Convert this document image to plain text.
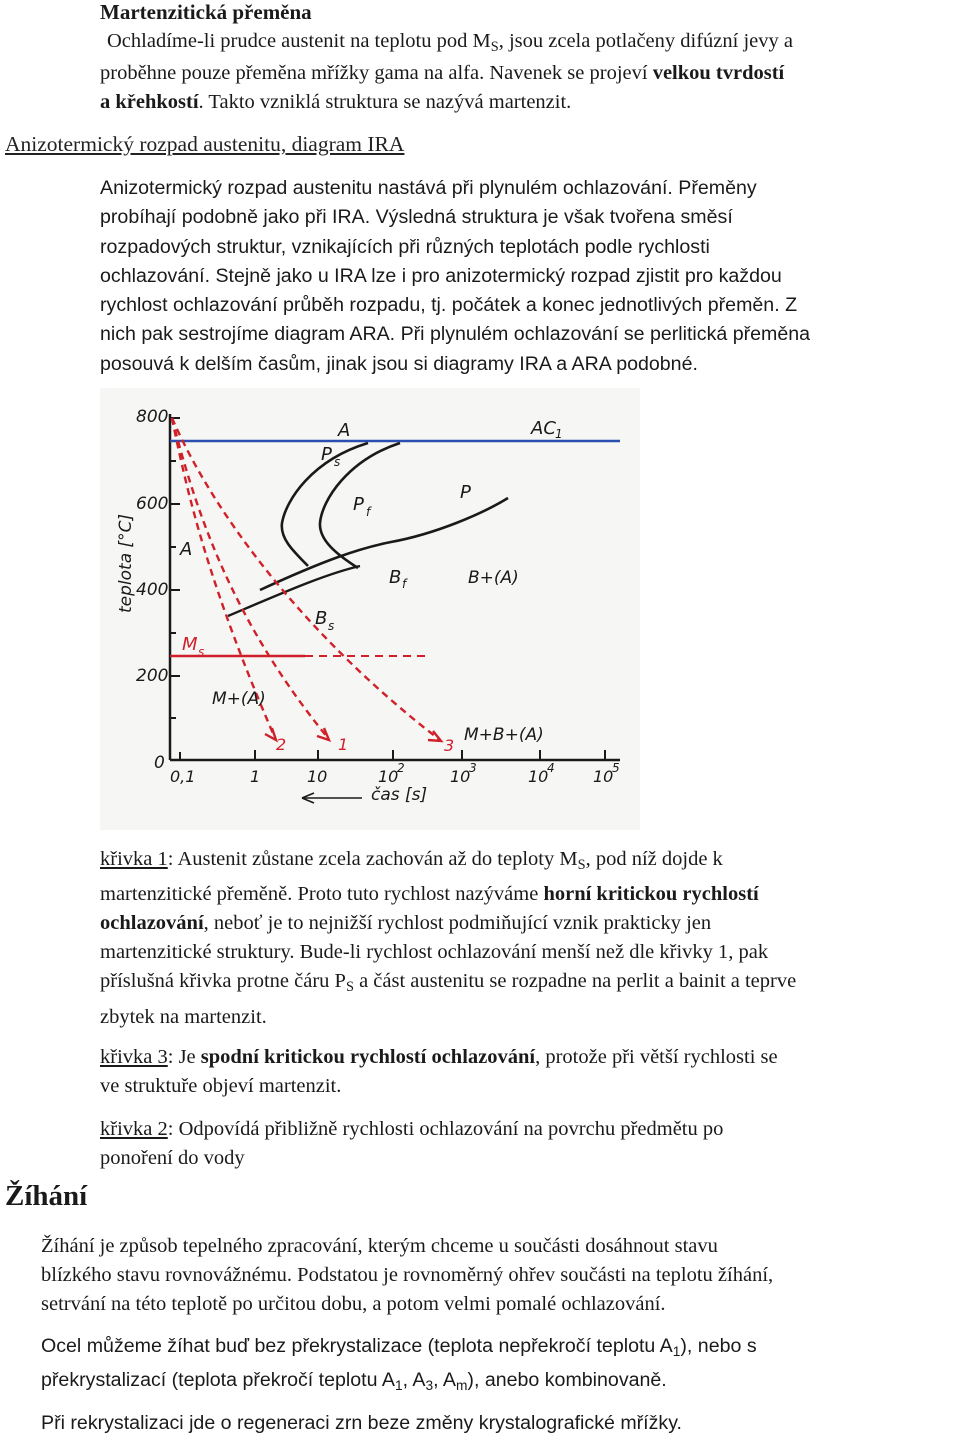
Martenzitická přeměna
Ochladíme-li prudce austenit na teplotu pod $M_S$, jsou zcela potlačeny difúzní jevy a
proběhne pouze přeměna mřížky gama na alfa. Navenek se projeví velkou tvrdostí
a křehkostí. Takto vzniklá struktura se nazývá martenzit.
Anizotermický rozpad austenitu, diagram IRA
Anizotermický rozpad austenitu nastává při plynulém ochlazování. Přeměny
probíhají podobně jako při IRA. Výsledná struktura je však tvořena směsí
rozpadových struktur, vznikajících při různých teplotách podle rychlosti
ochlazování. Stejně jako u IRA lze i pro anizotermický rozpad zjistit pro každou
rychlost ochlazování průběh rozpadu, tj. počátek a konec jednotlivých přeměn. Z
nich pak sestrojíme diagram ARA. Při plynulém ochlazování se perlitická přeměna
posouvá k delším časům, jinak jsou si diagramy IRA a ARA podobné.
800
600
400
200
0
0,1	1	10	10
2	10
3	10
4 10
5
teplota [°C]
čas [s]
A	AC 1
P s
P f
P
A
B f	B+(A)
B s
M s
M+(A)
M+B+(A)
1
2	3
křivka 1: Austenit zůstane zcela zachován až do teploty $M_S$, pod níž dojde k
martenzitické přeměně. Proto tuto rychlost nazýváme horní kritickou rychlostí
ochlazování, neboť je to nejnižší rychlost podmiňující vznik prakticky jen
martenzitické struktury. Bude-li rychlost ochlazování menší než dle křivky 1, pak
příslušná křivka protne čáru $P_S$ a část austenitu se rozpadne na perlit a bainit a teprve
zbytek na martenzit.
křivka 3: Je spodní kritickou rychlostí ochlazování, protože při větší rychlosti se
ve struktuře objeví martenzit.
křivka 2: Odpovídá přibližně rychlosti ochlazování na povrchu předmětu po
ponoření do vody
Žíhání
Žíhání je způsob tepelného zpracování, kterým chceme u součásti dosáhnout stavu
blízkého stavu rovnovážnému. Podstatou je rovnoměrný ohřev součásti na teplotu žíhání,
setrvání na této teplotě po určitou dobu, a potom velmi pomalé ochlazování.
Ocel můžeme žíhat buď bez překrystalizace (teplota nepřekročí teplotu $A_1$), nebo s
překrystalizací (teplota překročí teplotu $A_1$, $A_3$, $A_m$), anebo kombinovaně.
Při rekrystalizaci jde o regeneraci zrn beze změny krystalografické mřížky.
